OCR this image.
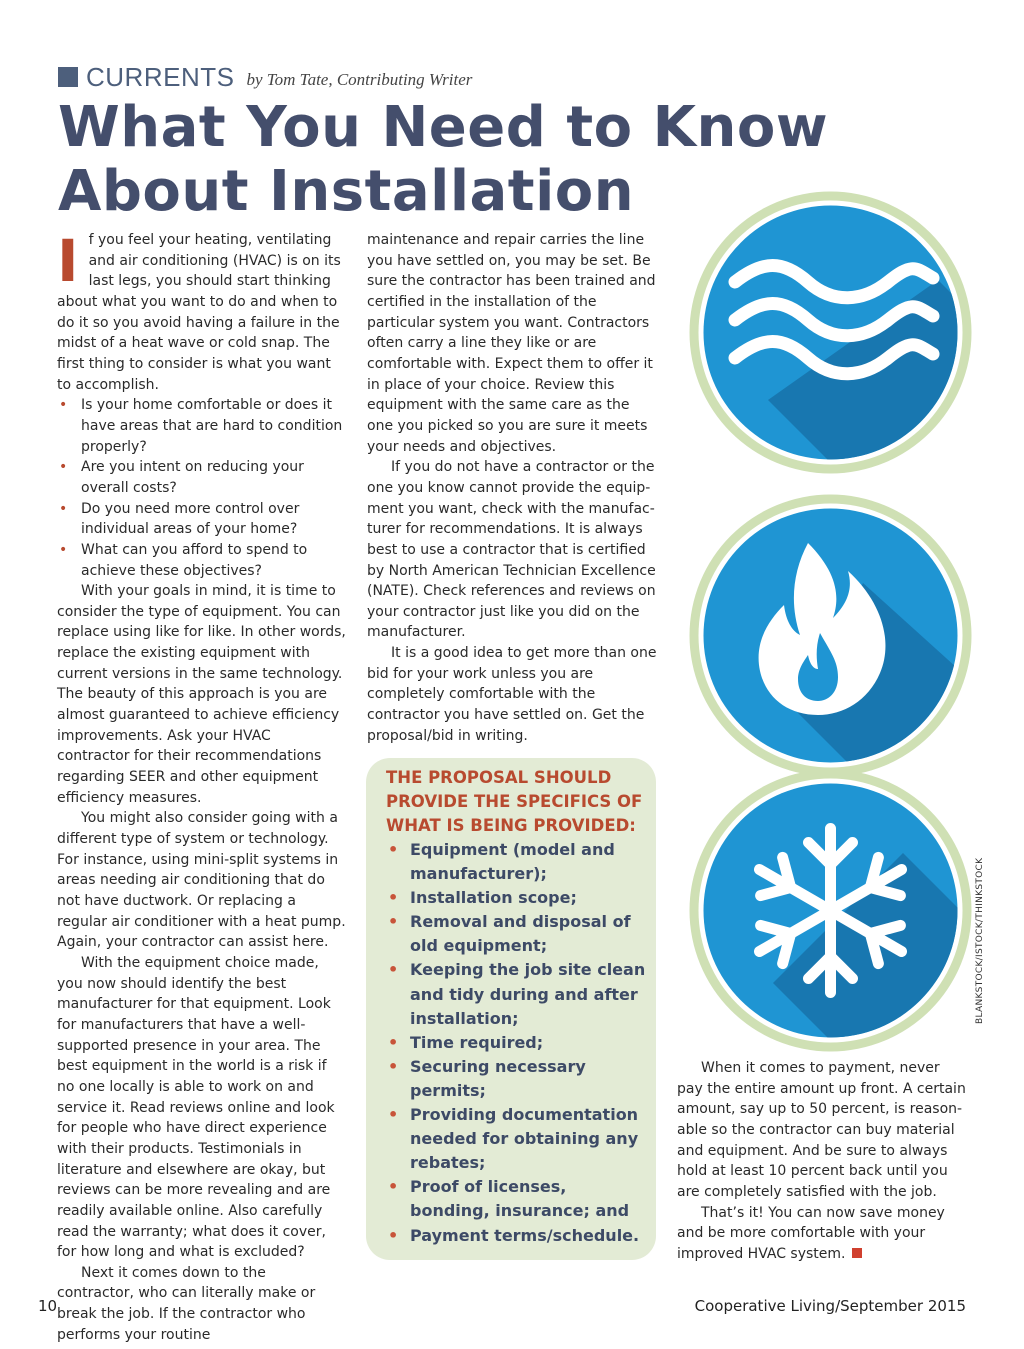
CURRENTS by Tom Tate, Contributing Writer
What You Need to Know About Installation

If you feel your heating, ventilating and air conditioning (HVAC) is on its last legs, you should start thinking about what you want to do and when to do it so you avoid having a failure in the midst of a heat wave or cold snap. The first thing to consider is what you want to accomplish.

• Is your home comfortable or does it have areas that are hard to condition properly?
• Are you intent on reducing your overall costs?
• Do you need more control over individual areas of your home?
• What can you afford to spend to achieve these objectives?

With your goals in mind, it is time to consider the type of equipment. You can replace using like for like. In other words, replace the existing equipment with current versions in the same technology. The beauty of this approach is you are almost guaranteed to achieve efficiency improvements. Ask your HVAC contractor for their recommendations regarding SEER and other equipment efficiency measures.

You might also consider going with a different type of system or technology. For instance, using mini-split systems in areas needing air conditioning that do not have ductwork. Or replacing a regular air conditioner with a heat pump. Again, your contractor can assist here.

With the equipment choice made, you now should identify the best manufacturer for that equipment. Look for manufacturers that have a well-supported presence in your area. The best equipment in the world is a risk if no one locally is able to work on and service it. Read reviews online and look for people who have direct experience with their products. Testimonials in literature and elsewhere are okay, but reviews can be more revealing and are readily available online. Also carefully read the warranty; what does it cover, for how long and what is excluded?

Next it comes down to the contractor, who can literally make or break the job. If the contractor who performs your routine

maintenance and repair carries the line you have settled on, you may be set. Be sure the contractor has been trained and certified in the installation of the particular system you want. Contractors often carry a line they like or are comfortable with. Expect them to offer it in place of your choice. Review this equipment with the same care as the one you picked so you are sure it meets your needs and objectives.

If you do not have a contractor or the one you know cannot provide the equipment you want, check with the manufacturer for recommendations. It is always best to use a contractor that is certified by North American Technician Excellence (NATE). Check references and reviews on your contractor just like you did on the manufacturer.

It is a good idea to get more than one bid for your work unless you are completely comfortable with the contractor you have settled on. Get the proposal/bid in writing.

THE PROPOSAL SHOULD PROVIDE THE SPECIFICS OF WHAT IS BEING PROVIDED:

• Equipment (model and manufacturer);
• Installation scope;
• Removal and disposal of old equipment;
• Keeping the job site clean and tidy during and after installation;
• Time required;
• Securing necessary permits;
• Providing documentation needed for obtaining any rebates;
• Proof of licenses, bonding, insurance; and
• Payment terms/schedule.
BLANKSTOCK/ISTOCK/THINKSTOCK

When it comes to payment, never pay the entire amount up front. A certain amount, say up to 50 percent, is reasonable so the contractor can buy material and equipment. And be sure to always hold at least 10 percent back until you are completely satisfied with the job.

That’s it! You can now save money and be more comfortable with your improved HVAC system.

10	Cooperative Living/September 2015
